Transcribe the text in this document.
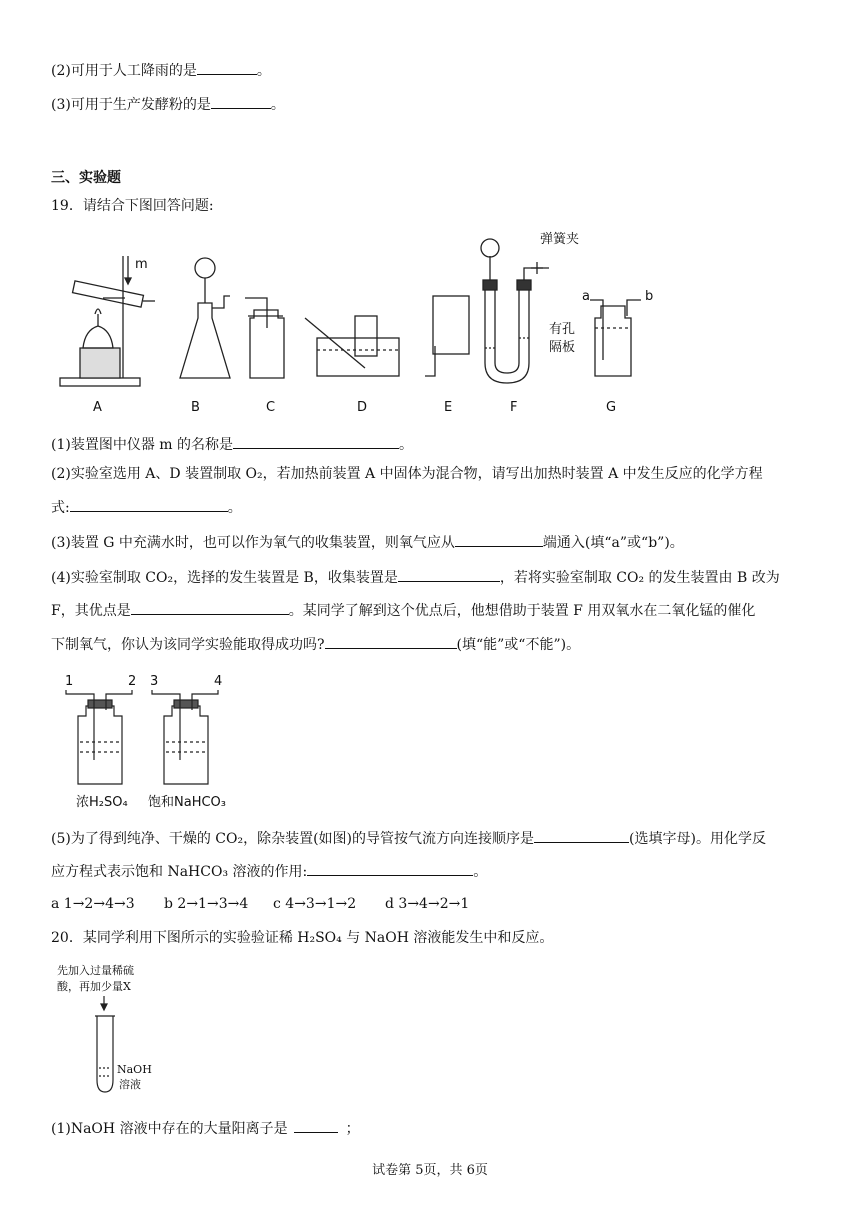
(2)可用于人工降雨的是	。
(3)可用于生产发酵粉的是	。
三、实验题
19．请结合下图回答问题:
m
弹簧夹
有孔
隔板
a	b
A	B	C	D	E	F	G
(1)装置图中仪器 m 的名称是	。
(2)实验室选用 A、D 装置制取 O₂，若加热前装置 A 中固体为混合物，请写出加热时装置 A 中发生反应的化学方程
式:	。
(3)装置 G 中充满水时，也可以作为氧气的收集装置，则氧气应从	端通入(填“a”或“b”)。
(4)实验室制取 CO₂，选择的发生装置是 B，收集装置是	，若将实验室制取 CO₂ 的发生装置由 B 改为
F，其优点是	。某同学了解到这个优点后，他想借助于装置 F 用双氧水在二氧化锰的催化
下制氧气，你认为该同学实验能取得成功吗?	(填“能”或“不能”)。
1	2 3	4
浓H₂SO₄ 饱和NaHCO₃
(5)为了得到纯净、干燥的 CO₂，除杂装置(如图)的导管按气流方向连接顺序是	(选填字母)。用化学反
应方程式表示饱和 NaHCO₃ 溶液的作用:	。
a 1→2→4→3 b 2→1→3→4 c 4→3→1→2 d 3→4→2→1
20．某同学利用下图所示的实验验证稀 H₂SO₄ 与 NaOH 溶液能发生中和反应。
先加入过量稀硫
酸，再加少量X
NaOH
溶液
(1)NaOH 溶液中存在的大量阳离子是	；
试卷第 5页，共 6页
